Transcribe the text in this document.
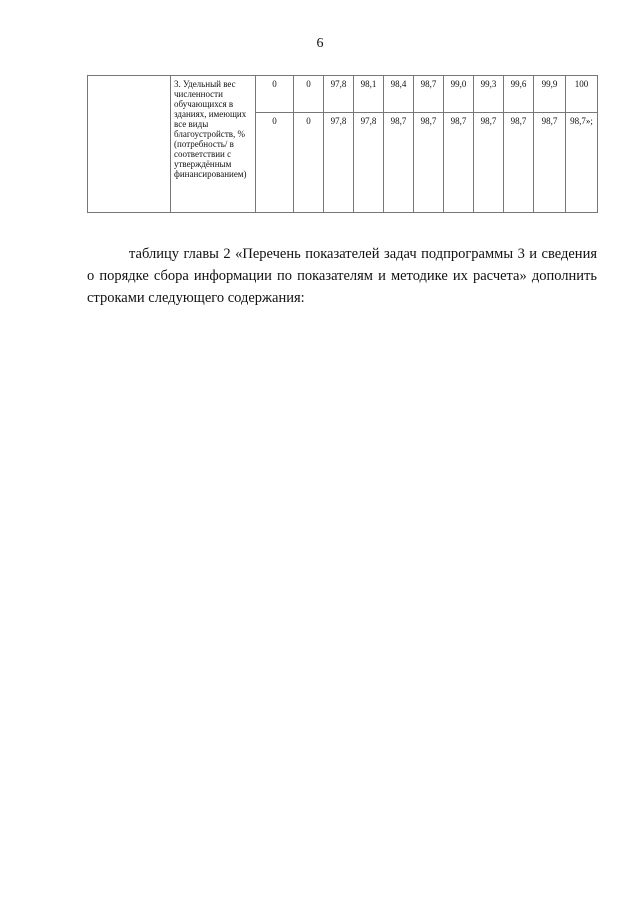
6
	3. Удельный вес численности обучающихся в зданиях, имеющих все виды благоустройств, % (потребность/ в соответствии с утверждённым финансированием)	0	0	97,8	98,1	98,4	98,7	99,0	99,3	99,6	99,9	100
		0	0	97,8	97,8	98,7	98,7	98,7	98,7	98,7	98,7	98,7»;
таблицу главы 2 «Перечень показателей задач подпрограммы 3 и сведения о порядке сбора информации по показателям и методике их расчета» дополнить строками следующего содержания:
